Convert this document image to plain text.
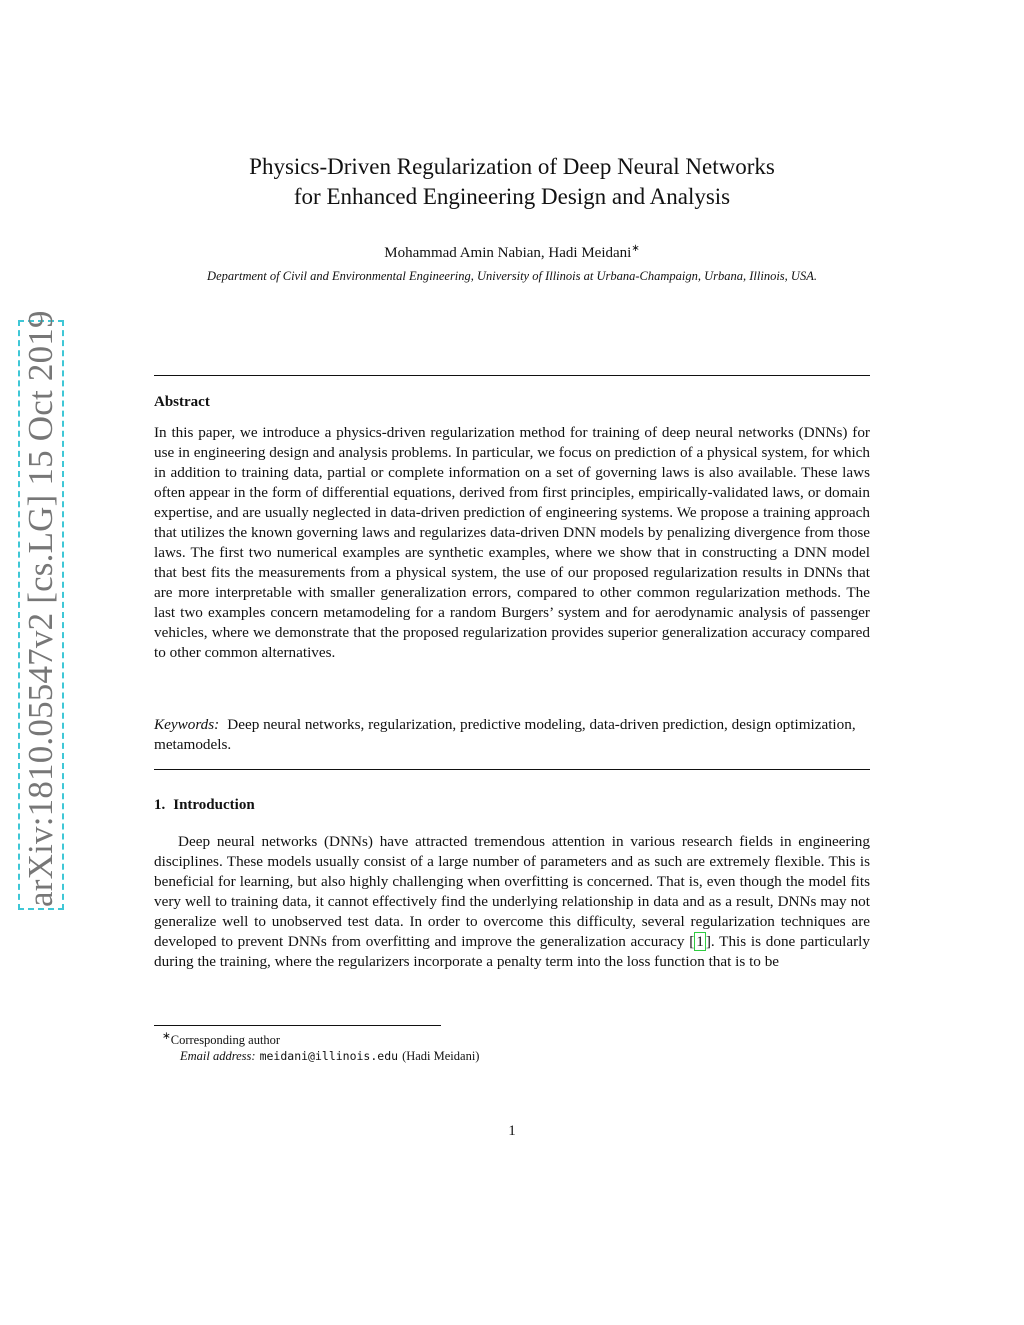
arXiv:1810.05547v2 [cs.LG] 15 Oct 2019
Physics-Driven Regularization of Deep Neural Networks
for Enhanced Engineering Design and Analysis
Mohammad Amin Nabian, Hadi Meidani∗
Department of Civil and Environmental Engineering, University of Illinois at Urbana-Champaign, Urbana, Illinois, USA.
Abstract

In this paper, we introduce a physics-driven regularization method for training of deep neural networks (DNNs) for use in engineering design and analysis problems. In particular, we focus on prediction of a physical system, for which in addition to training data, partial or complete information on a set of governing laws is also available. These laws often appear in the form of differential equations, derived from first principles, empirically-validated laws, or domain expertise, and are usually neglected in data-driven prediction of engineering systems. We propose a training approach that utilizes the known governing laws and regularizes data-driven DNN models by penalizing divergence from those laws. The first two numerical examples are synthetic examples, where we show that in constructing a DNN model that best fits the measurements from a physical system, the use of our proposed regularization results in DNNs that are more interpretable with smaller generalization errors, compared to other common regularization methods. The last two examples concern metamodeling for a random Burgers’ system and for aerodynamic analysis of passenger vehicles, where we demonstrate that the proposed regularization provides superior generalization accuracy compared to other common alternatives.

Keywords: Deep neural networks, regularization, predictive modeling, data-driven prediction, design optimization, metamodels.

1. Introduction

Deep neural networks (DNNs) have attracted tremendous attention in various research fields in engineering disciplines. These models usually consist of a large number of parameters and as such are extremely flexible. This is beneficial for learning, but also highly challenging when overfitting is concerned. That is, even though the model fits very well to training data, it cannot effectively find the underlying relationship in data and as a result, DNNs may not generalize well to unobserved test data. In order to overcome this difficulty, several regularization techniques are developed to prevent DNNs from overfitting and improve the generalization accuracy [ 1 ]. This is done particularly during the training, where the regularizers incorporate a penalty term into the loss function that is to be

∗Corresponding author
Email address: meidani@illinois.edu (Hadi Meidani)
1
